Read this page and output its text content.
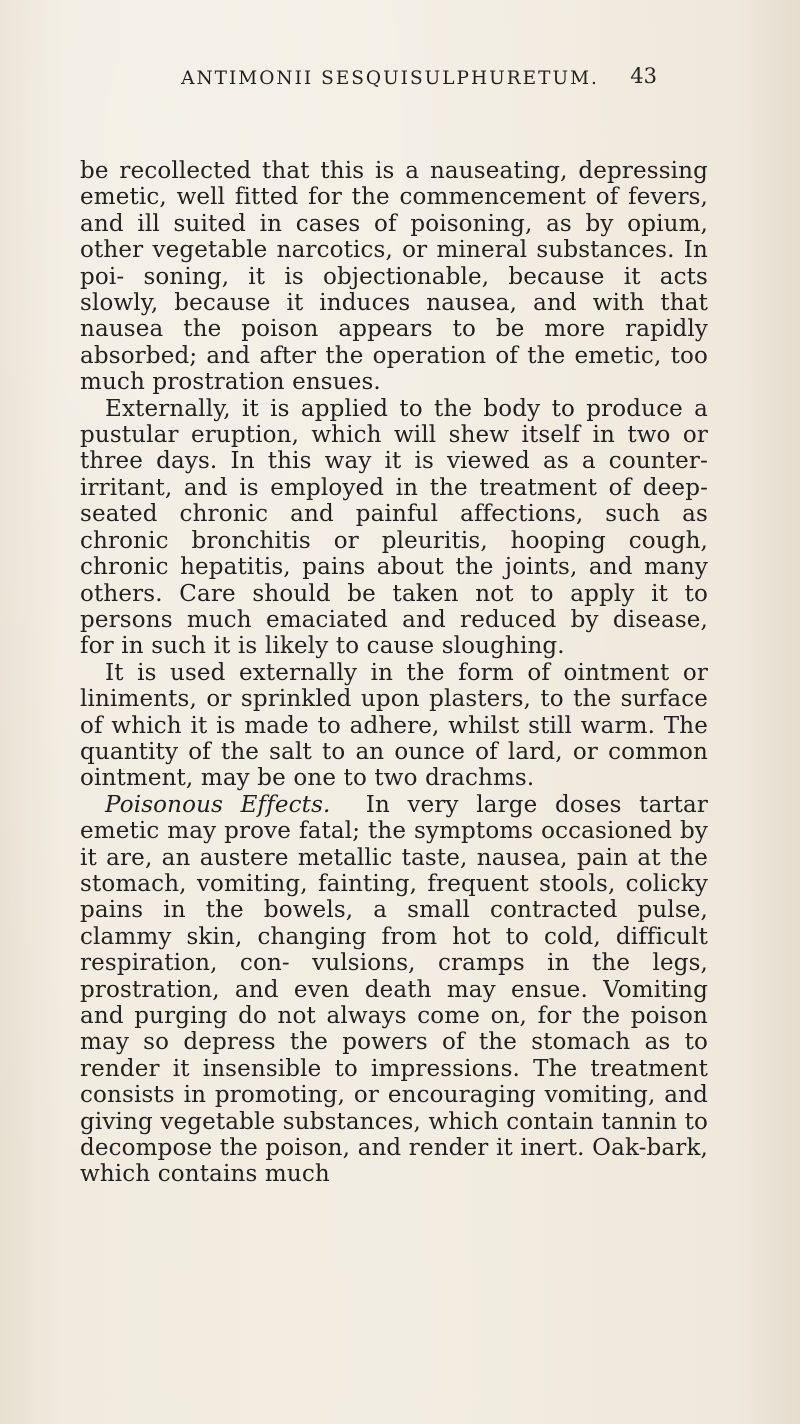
ANTIMONII SESQUISULPHURETUM.	43

be recollected that this is a nauseating, depressing emetic, well fitted for the commencement of fevers, and ill suited in cases of poisoning, as by opium, other vegetable narcotics, or mineral substances. In poi- soning, it is objectionable, because it acts slowly, because it induces nausea, and with that nausea the poison appears to be more rapidly absorbed; and after the operation of the emetic, too much prostration ensues.

Externally, it is applied to the body to produce a pustular eruption, which will shew itself in two or three days. In this way it is viewed as a counter- irritant, and is employed in the treatment of deep- seated chronic and painful affections, such as chronic bronchitis or pleuritis, hooping cough, chronic hepatitis, pains about the joints, and many others. Care should be taken not to apply it to persons much emaciated and reduced by disease, for in such it is likely to cause sloughing.

It is used externally in the form of ointment or liniments, or sprinkled upon plasters, to the surface of which it is made to adhere, whilst still warm. The quantity of the salt to an ounce of lard, or common ointment, may be one to two drachms.

Poisonous Effects. In very large doses tartar emetic may prove fatal; the symptoms occasioned by it are, an austere metallic taste, nausea, pain at the stomach, vomiting, fainting, frequent stools, colicky pains in the bowels, a small contracted pulse, clammy skin, changing from hot to cold, difficult respiration, con- vulsions, cramps in the legs, prostration, and even death may ensue. Vomiting and purging do not always come on, for the poison may so depress the powers of the stomach as to render it insensible to impressions. The treatment consists in promoting, or encouraging vomiting, and giving vegetable substances, which contain tannin to decompose the poison, and render it inert. Oak-bark, which contains much
